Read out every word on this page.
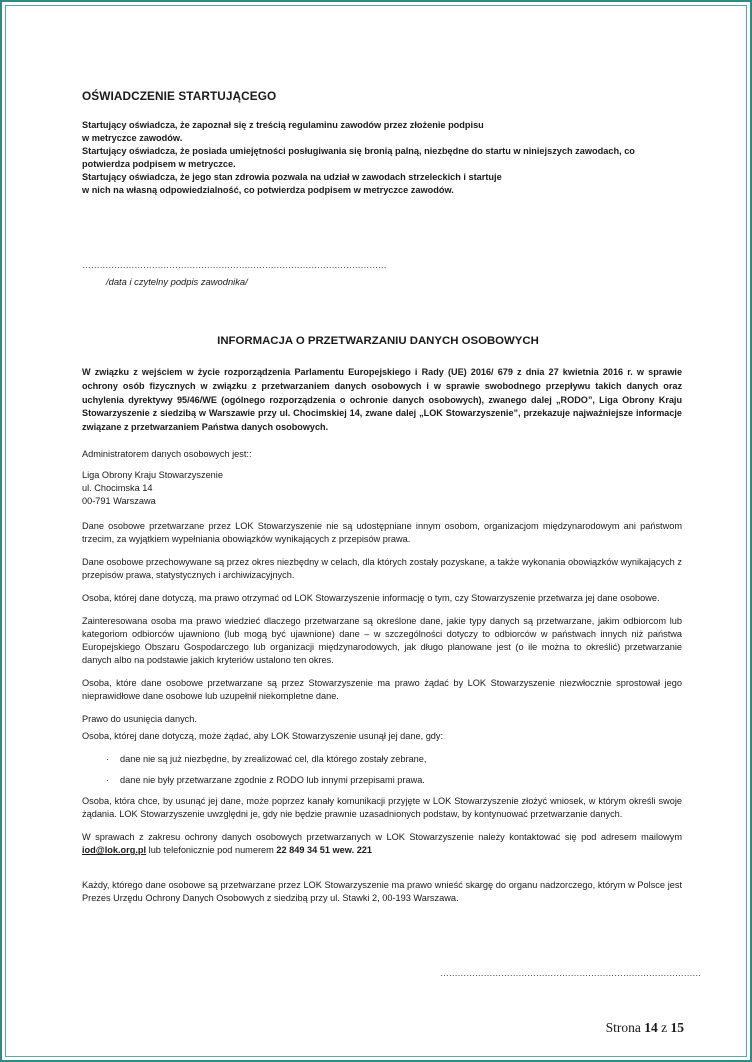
OŚWIADCZENIE STARTUJĄCEGO
Startujący oświadcza, że zapoznał się z treścią regulaminu zawodów przez złożenie podpisu
w metryczce zawodów.
Startujący oświadcza, że posiada umiejętności posługiwania się bronią palną, niezbędne do startu w niniejszych zawodach, co
potwierdza podpisem w metryczce.
Startujący oświadcza, że jego stan zdrowia pozwala na udział w zawodach strzeleckich i startuje
w nich na własną odpowiedzialność, co potwierdza podpisem w metryczce zawodów.
……………………………………………………………………………………………
/data i czytelny podpis zawodnika/
INFORMACJA O PRZETWARZANIU DANYCH OSOBOWYCH
W związku z wejściem w życie rozporządzenia Parlamentu Europejskiego i Rady (UE) 2016/ 679 z dnia 27 kwietnia 2016 r. w sprawie ochrony osób fizycznych w związku z przetwarzaniem danych osobowych i w sprawie swobodnego przepływu takich danych oraz uchylenia dyrektywy 95/46/WE (ogólnego rozporządzenia o ochronie danych osobowych), zwanego dalej „RODO”, Liga Obrony Kraju Stowarzyszenie z siedzibą w Warszawie przy ul. Chocimskiej 14, zwane dalej „LOK Stowarzyszenie”, przekazuje najważniejsze informacje związane z przetwarzaniem Państwa danych osobowych.

Administratorem danych osobowych jest::

Liga Obrony Kraju Stowarzyszenie
ul. Chocimska 14
00-791 Warszawa

Dane osobowe przetwarzane przez LOK Stowarzyszenie nie są udostępniane innym osobom, organizacjom międzynarodowym ani państwom trzecim, za wyjątkiem wypełniania obowiązków wynikających z przepisów prawa.

Dane osobowe przechowywane są przez okres niezbędny w celach, dla których zostały pozyskane, a także wykonania obowiązków wynikających z przepisów prawa, statystycznych i archiwizacyjnych.

Osoba, której dane dotyczą, ma prawo otrzymać od LOK Stowarzyszenie informację o tym, czy Stowarzyszenie przetwarza jej dane osobowe.

Zainteresowana osoba ma prawo wiedzieć dlaczego przetwarzane są określone dane, jakie typy danych są przetwarzane, jakim odbiorcom lub kategoriom odbiorców ujawniono (lub mogą być ujawnione) dane – w szczególności dotyczy to odbiorców w państwach innych niż państwa Europejskiego Obszaru Gospodarczego lub organizacji międzynarodowych, jak długo planowane jest (o ile można to określić) przetwarzanie danych albo na podstawie jakich kryteriów ustalono ten okres.

Osoba, które dane osobowe przetwarzane są przez Stowarzyszenie ma prawo żądać by LOK Stowarzyszenie niezwłocznie sprostował jego nieprawidłowe dane osobowe lub uzupełnił niekompletne dane.

Prawo do usunięcia danych.

Osoba, której dane dotyczą, może żądać, aby LOK Stowarzyszenie usunął jej dane, gdy:

·	dane nie są już niezbędne, by zrealizować cel, dla którego zostały zebrane,
·	dane nie były przetwarzane zgodnie z RODO lub innymi przepisami prawa.

Osoba, która chce, by usunąć jej dane, może poprzez kanały komunikacji przyjęte w LOK Stowarzyszenie złożyć wniosek, w którym określi swoje żądania. LOK Stowarzyszenie uwzględni je, gdy nie będzie prawnie uzasadnionych podstaw, by kontynuować przetwarzanie danych.

W sprawach z zakresu ochrony danych osobowych przetwarzanych w LOK Stowarzyszenie należy kontaktować się pod adresem mailowym iod@lok.org.pl lub telefonicznie pod numerem 22 849 34 51 wew. 221

Każdy, którego dane osobowe są przetwarzane przez LOK Stowarzyszenie ma prawo wnieść skargę do organu nadzorczego, którym w Polsce jest Prezes Urzędu Ochrony Danych Osobowych z siedzibą przy ul. Stawki 2, 00-193 Warszawa.

………………………………………………………………………………
Strona 14 z 15
